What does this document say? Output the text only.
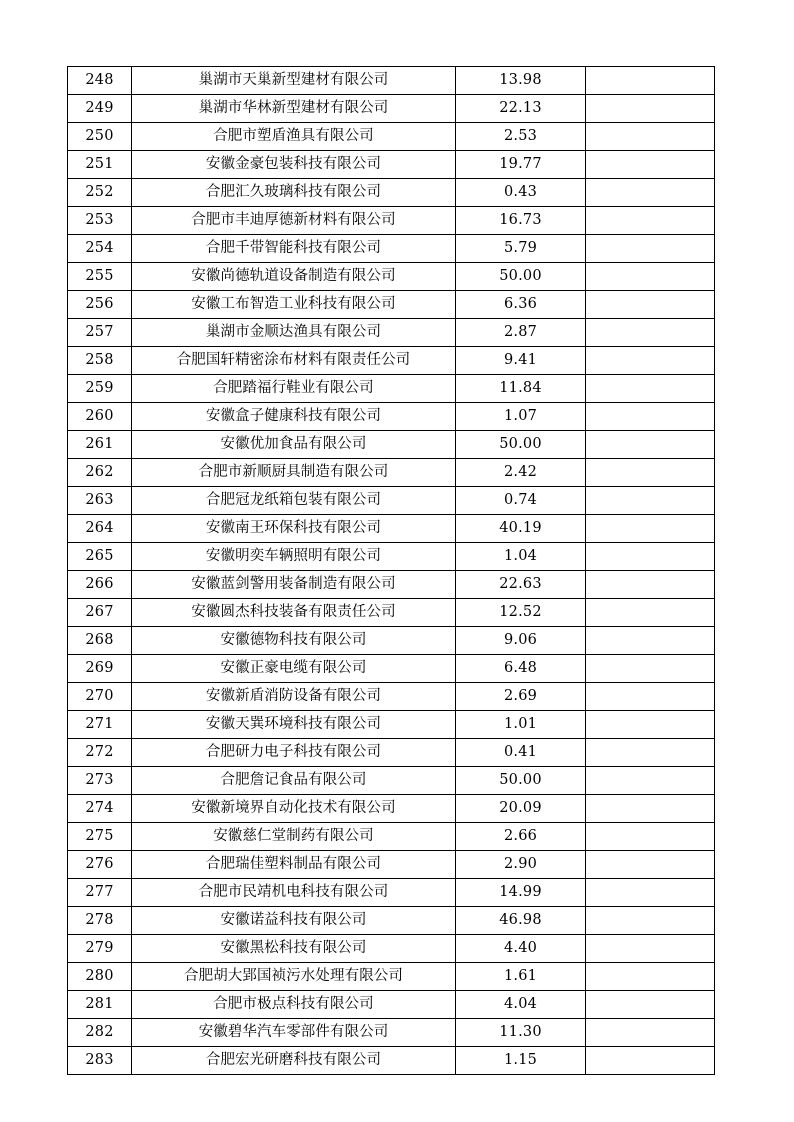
248	巢湖市天巢新型建材有限公司	13.98	
249	巢湖市华林新型建材有限公司	22.13	
250	合肥市塑盾渔具有限公司	2.53	
251	安徽金豪包装科技有限公司	19.77	
252	合肥汇久玻璃科技有限公司	0.43	
253	合肥市丰迪厚德新材料有限公司	16.73	
254	合肥千带智能科技有限公司	5.79	
255	安徽尚德轨道设备制造有限公司	50.00	
256	安徽工布智造工业科技有限公司	6.36	
257	巢湖市金顺达渔具有限公司	2.87	
258	合肥国轩精密涂布材料有限责任公司	9.41	
259	合肥踏福行鞋业有限公司	11.84	
260	安徽盒子健康科技有限公司	1.07	
261	安徽优加食品有限公司	50.00	
262	合肥市新顺厨具制造有限公司	2.42	
263	合肥冠龙纸箱包装有限公司	0.74	
264	安徽南王环保科技有限公司	40.19	
265	安徽明奕车辆照明有限公司	1.04	
266	安徽蓝剑警用装备制造有限公司	22.63	
267	安徽圆杰科技装备有限责任公司	12.52	
268	安徽德物科技有限公司	9.06	
269	安徽正豪电缆有限公司	6.48	
270	安徽新盾消防设备有限公司	2.69	
271	安徽天巽环境科技有限公司	1.01	
272	合肥研力电子科技有限公司	0.41	
273	合肥詹记食品有限公司	50.00	
274	安徽新境界自动化技术有限公司	20.09	
275	安徽慈仁堂制药有限公司	2.66	
276	合肥瑞佳塑料制品有限公司	2.90	
277	合肥市民靖机电科技有限公司	14.99	
278	安徽诺益科技有限公司	46.98	
279	安徽黑松科技有限公司	4.40	
280	合肥胡大郢国祯污水处理有限公司	1.61	
281	合肥市极点科技有限公司	4.04	
282	安徽碧华汽车零部件有限公司	11.30	
283	合肥宏光研磨科技有限公司	1.15	
